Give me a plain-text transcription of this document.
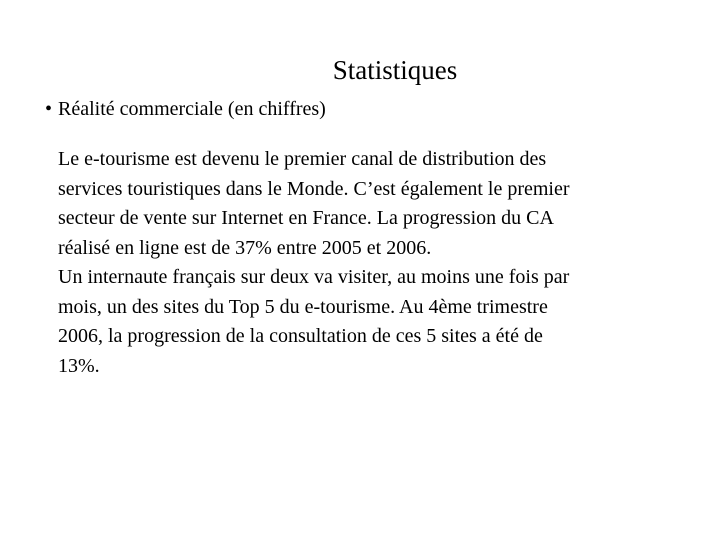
Statistiques
• Réalité commerciale (en chiffres)
Le e-tourisme est devenu le premier canal de distribution des
services touristiques dans le Monde. C’est également le premier
secteur de vente sur Internet en France. La progression du CA
réalisé en ligne est de 37% entre 2005 et 2006.
Un internaute français sur deux va visiter, au moins une fois par
mois, un des sites du Top 5 du e-tourisme. Au 4ème trimestre
2006, la progression de la consultation de ces 5 sites a été de
13%.
